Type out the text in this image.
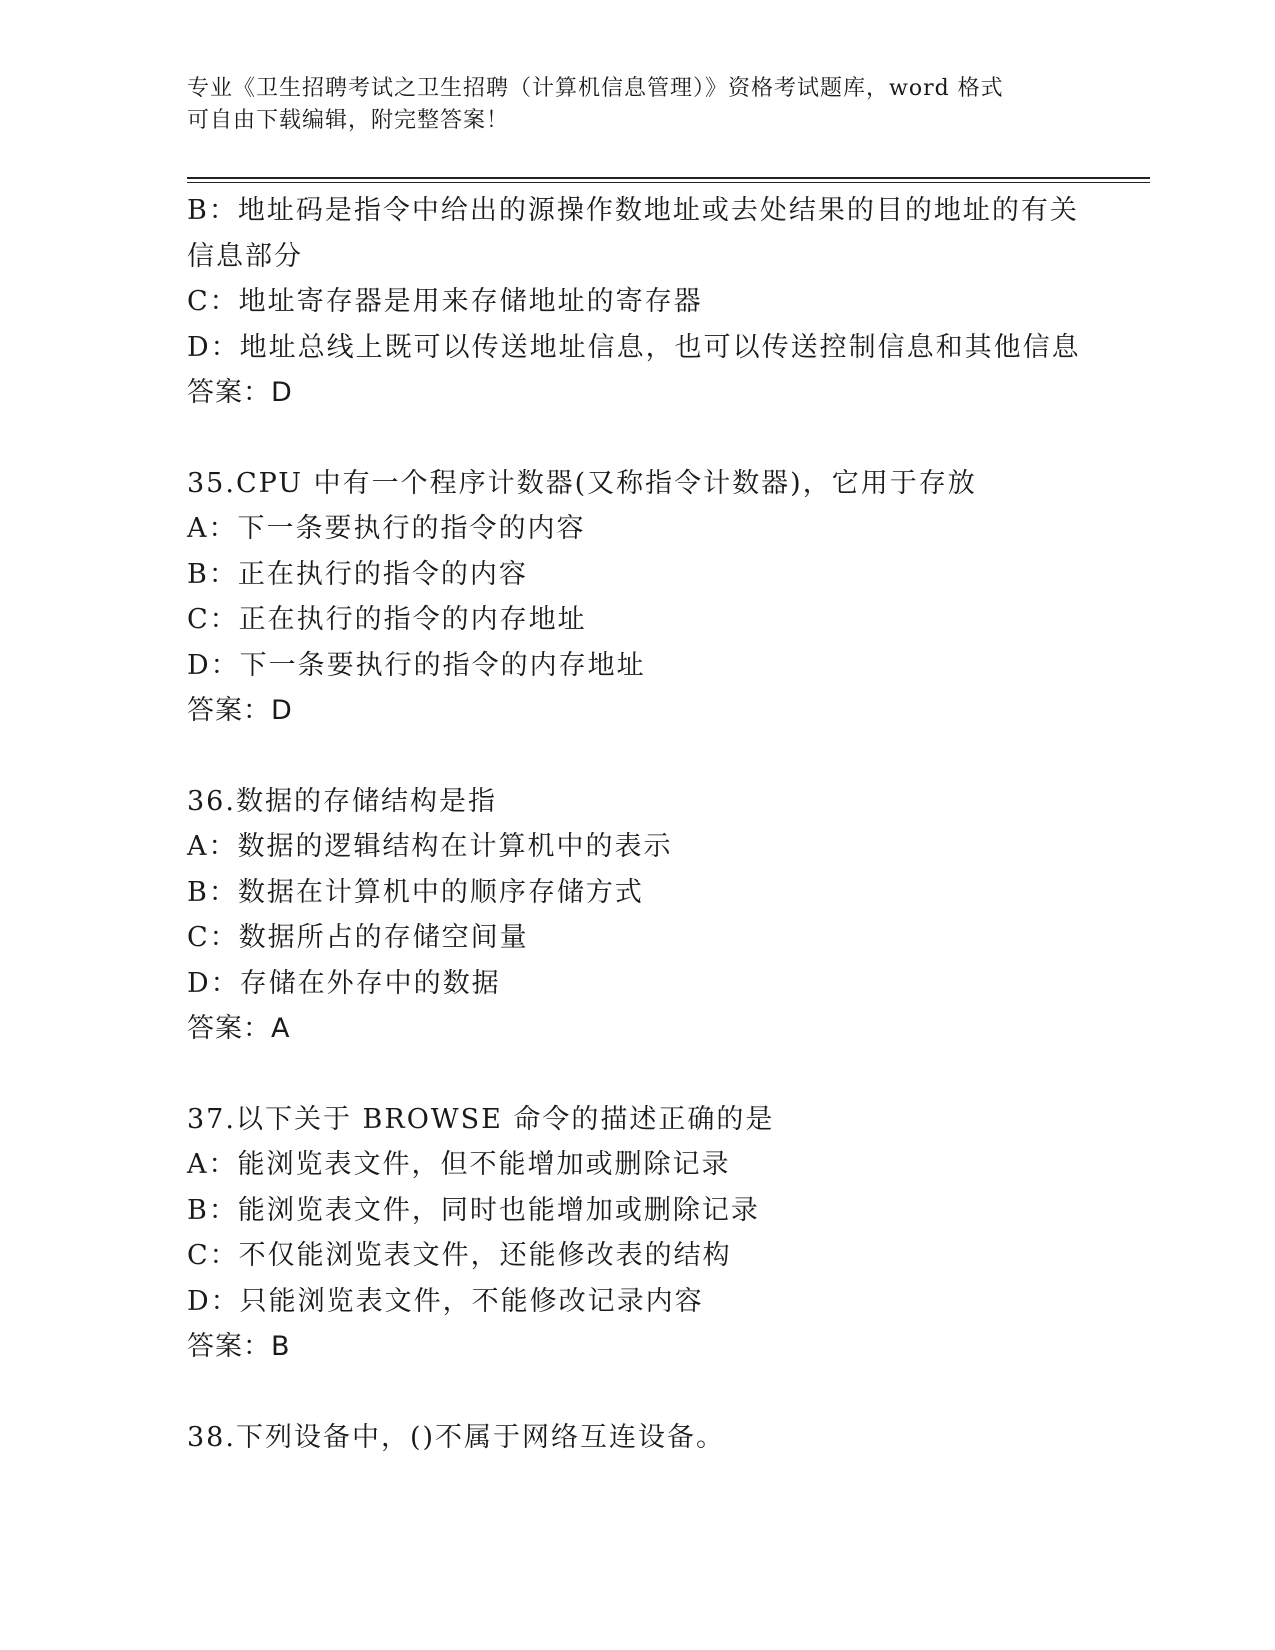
专业《卫生招聘考试之卫生招聘（计算机信息管理）》资格考试题库，word 格式
可自由下载编辑，附完整答案！
B：地址码是指令中给出的源操作数地址或去处结果的目的地址的有关
信息部分
C：地址寄存器是用来存储地址的寄存器
D：地址总线上既可以传送地址信息，也可以传送控制信息和其他信息
答案：D
35.CPU 中有一个程序计数器(又称指令计数器)，它用于存放
A：下一条要执行的指令的内容
B：正在执行的指令的内容
C：正在执行的指令的内存地址
D：下一条要执行的指令的内存地址
答案：D
36.数据的存储结构是指
A：数据的逻辑结构在计算机中的表示
B：数据在计算机中的顺序存储方式
C：数据所占的存储空间量
D：存储在外存中的数据
答案：A
37.以下关于 BROWSE 命令的描述正确的是
A：能浏览表文件，但不能增加或删除记录
B：能浏览表文件，同时也能增加或删除记录
C：不仅能浏览表文件，还能修改表的结构
D：只能浏览表文件，不能修改记录内容
答案：B
38.下列设备中，()不属于网络互连设备。
